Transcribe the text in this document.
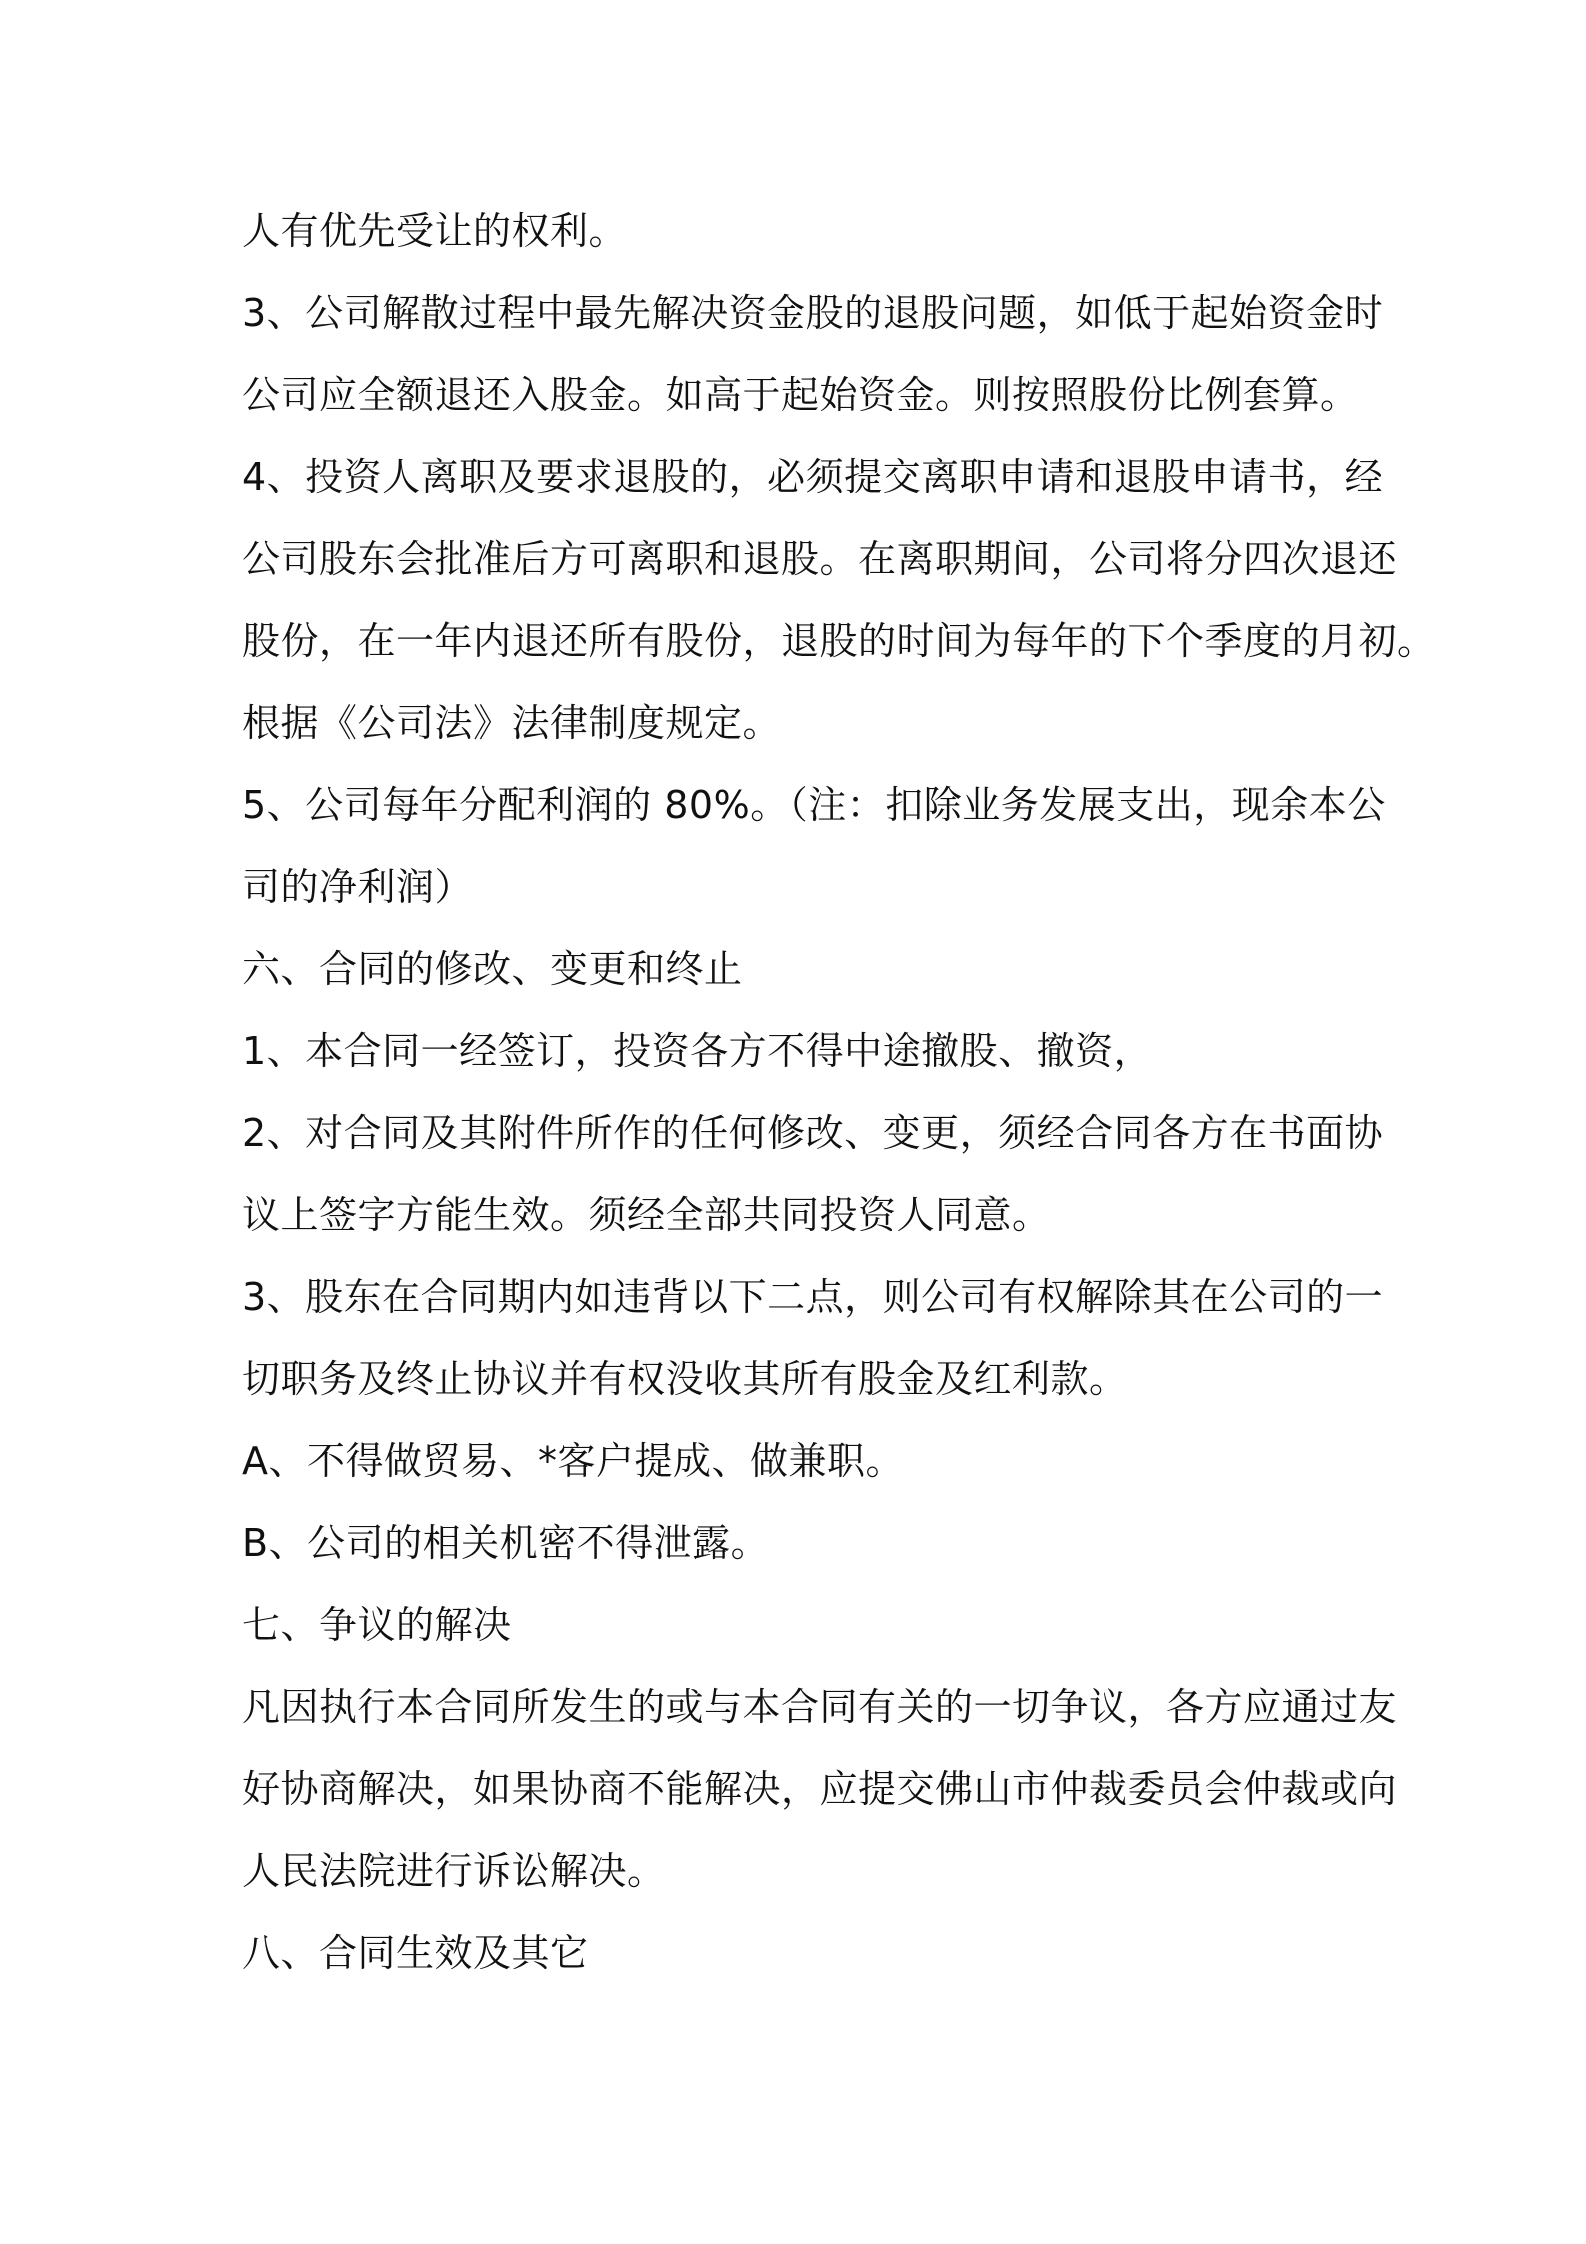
人有优先受让的权利。

3、公司解散过程中最先解决资金股的退股问题，如低于起始资金时

公司应全额退还入股金。如高于起始资金。则按照股份比例套算。

4、投资人离职及要求退股的，必须提交离职申请和退股申请书，经

公司股东会批准后方可离职和退股。在离职期间，公司将分四次退还

股份，在一年内退还所有股份，退股的时间为每年的下个季度的月初。

根据《公司法》法律制度规定。

5、公司每年分配利润的 80%。（注：扣除业务发展支出，现余本公

司的净利润）

六、合同的修改、变更和终止

1、本合同一经签订，投资各方不得中途撤股、撤资，

2、对合同及其附件所作的任何修改、变更，须经合同各方在书面协

议上签字方能生效。须经全部共同投资人同意。

3、股东在合同期内如违背以下二点，则公司有权解除其在公司的一

切职务及终止协议并有权没收其所有股金及红利款。

A、不得做贸易、*客户提成、做兼职。

B、公司的相关机密不得泄露。

七、争议的解决

凡因执行本合同所发生的或与本合同有关的一切争议，各方应通过友

好协商解决，如果协商不能解决，应提交佛山市仲裁委员会仲裁或向

人民法院进行诉讼解决。

八、合同生效及其它
